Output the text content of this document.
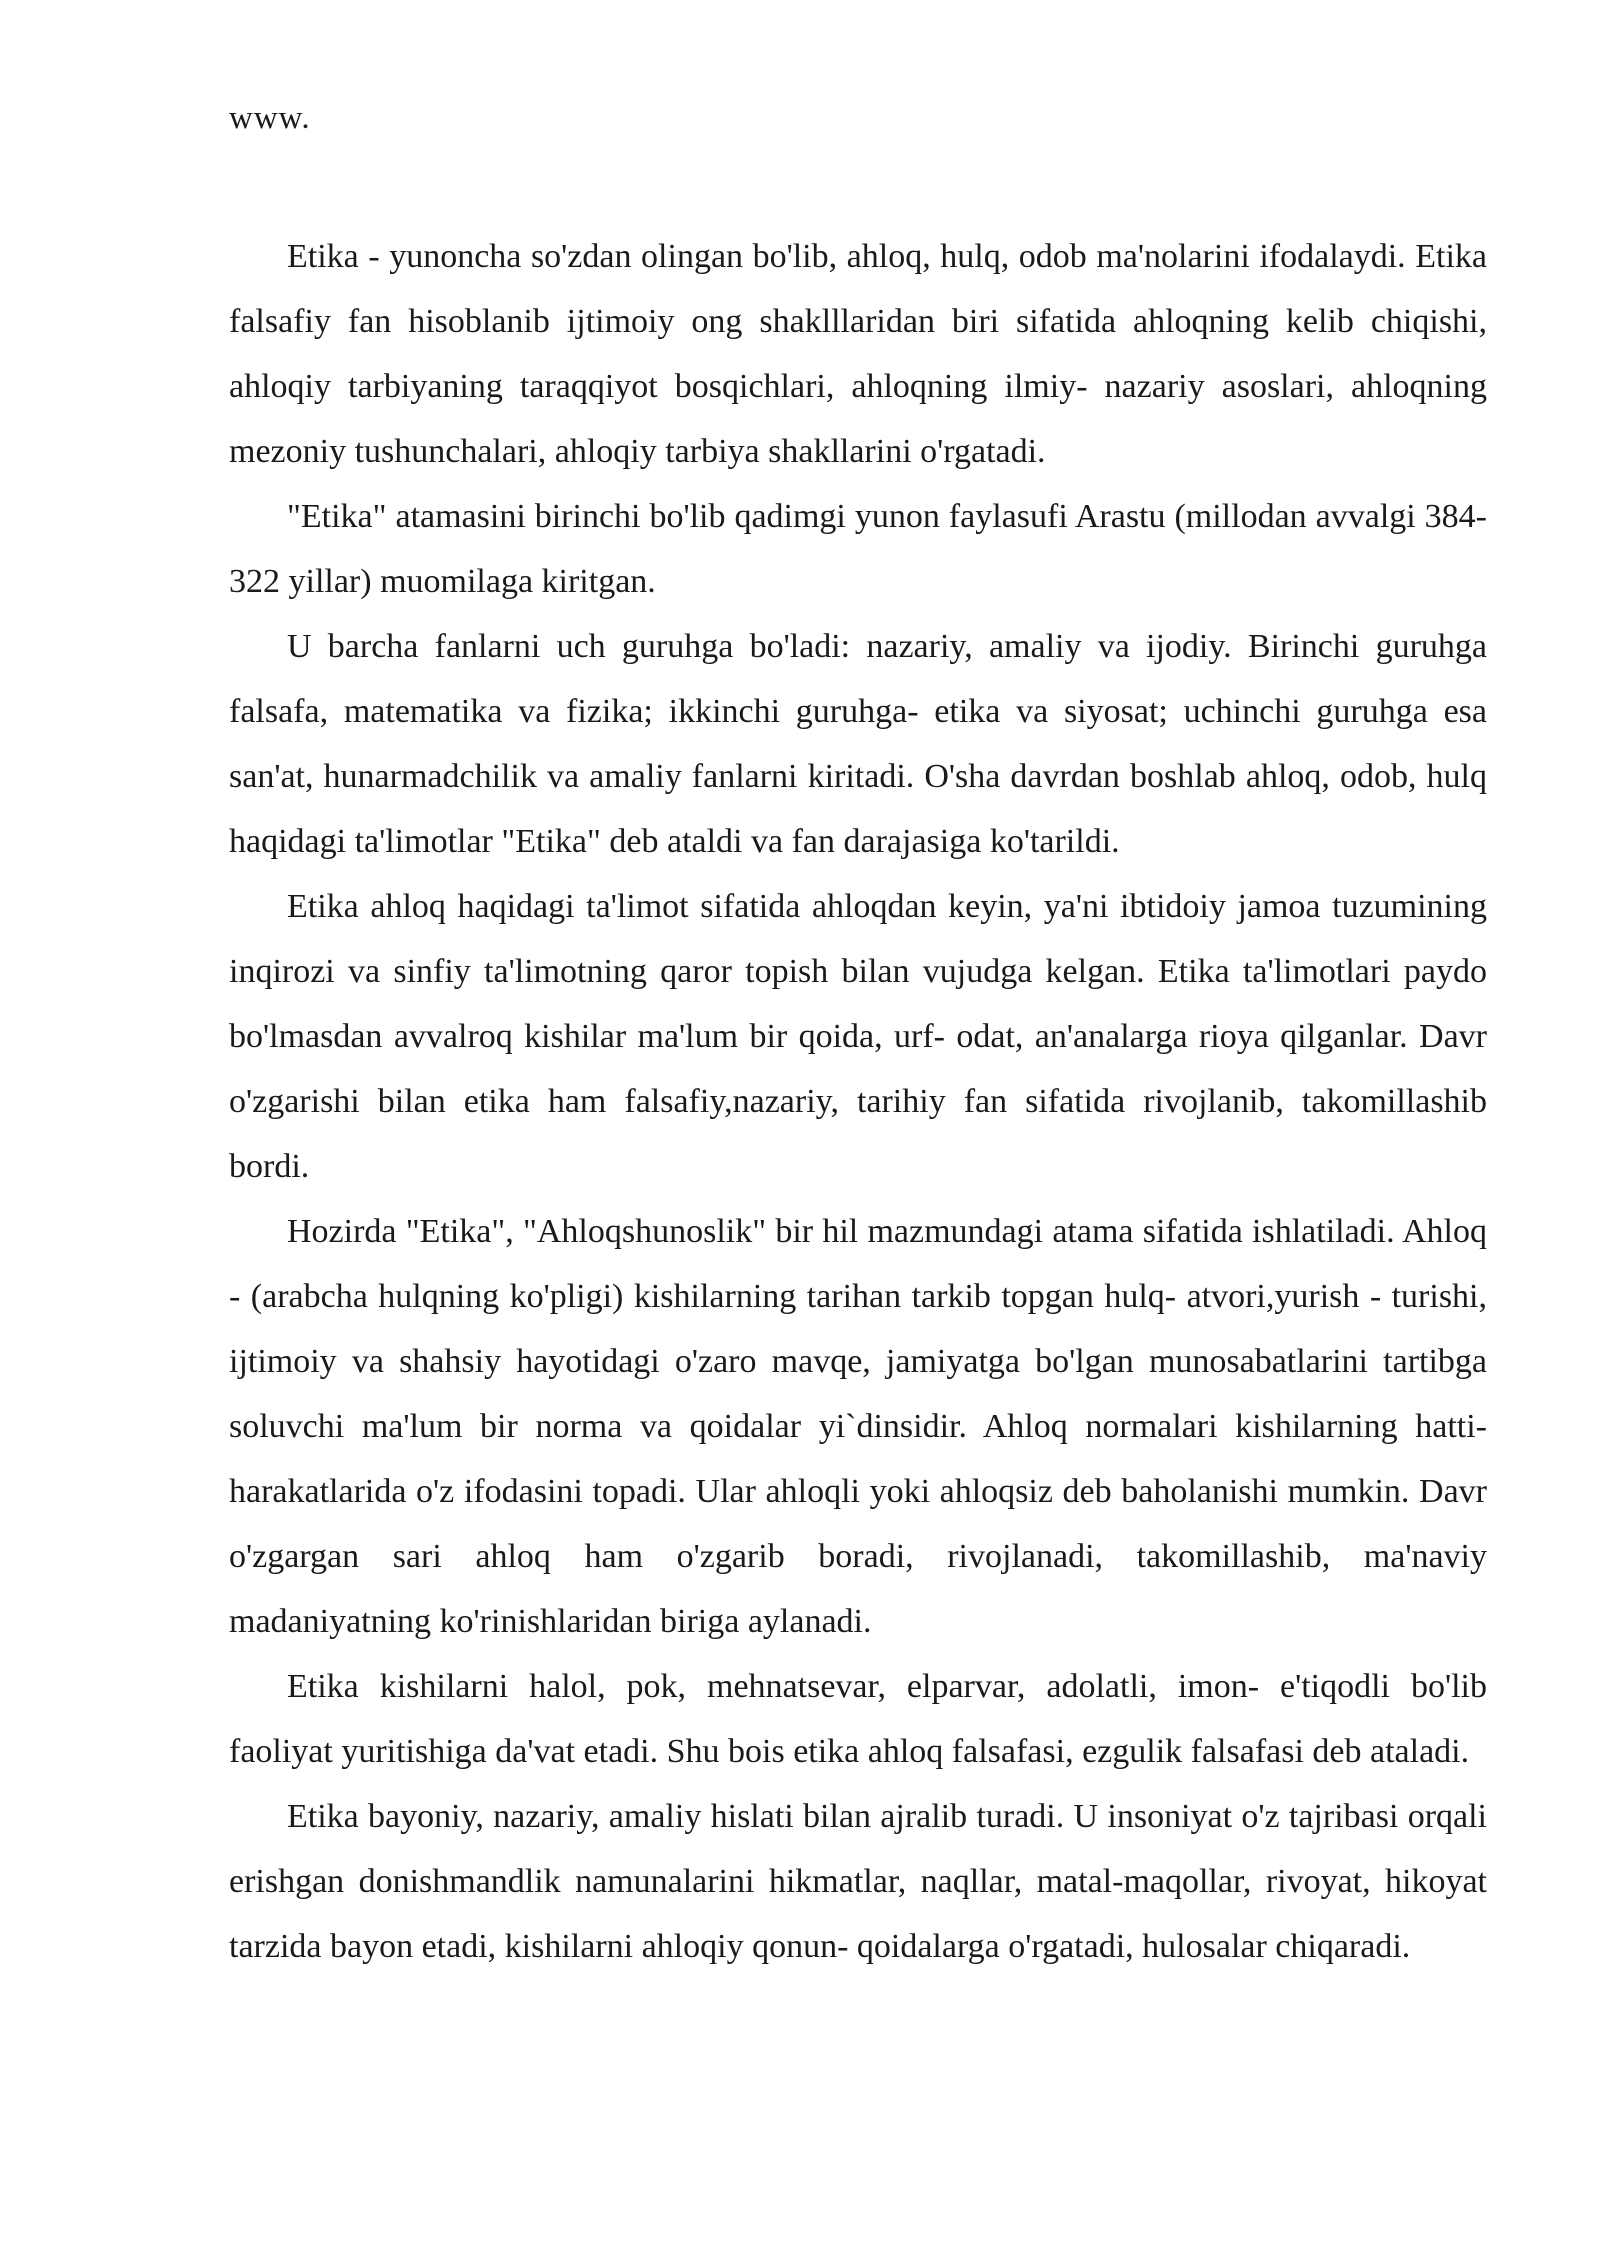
www.

Etika - yunoncha so'zdan olingan bo'lib, ahloq, hulq, odob ma'nolarini ifodalaydi. Etika falsafiy fan hisoblanib ijtimoiy ong shaklllaridan biri sifatida ahloqning kelib chiqishi, ahloqiy tarbiyaning taraqqiyot bosqichlari, ahloqning ilmiy- nazariy asoslari, ahloqning mezoniy tushunchalari, ahloqiy tarbiya shakllarini o'rgatadi.

"Etika" atamasini birinchi bo'lib qadimgi yunon faylasufi Arastu (millodan avvalgi 384-322 yillar) muomilaga kiritgan.

U barcha fanlarni uch guruhga bo'ladi: nazariy, amaliy va ijodiy. Birinchi guruhga falsafa, matematika va fizika; ikkinchi guruhga- etika va siyosat; uchinchi guruhga esa san'at, hunarmadchilik va amaliy fanlarni kiritadi. O'sha davrdan boshlab ahloq, odob, hulq haqidagi ta'limotlar "Etika" deb ataldi va fan darajasiga ko'tarildi.

Etika ahloq haqidagi ta'limot sifatida ahloqdan keyin, ya'ni ibtidoiy jamoa tuzumining inqirozi va sinfiy ta'limotning qaror topish bilan vujudga kelgan. Etika ta'limotlari paydo bo'lmasdan avvalroq kishilar ma'lum bir qoida, urf- odat, an'analarga rioya qilganlar. Davr o'zgarishi bilan etika ham falsafiy,nazariy, tarihiy fan sifatida rivojlanib, takomillashib bordi.

Hozirda "Etika", "Ahloqshunoslik" bir hil mazmundagi atama sifatida ishlatiladi. Ahloq - (arabcha hulqning ko'pligi) kishilarning tarihan tarkib topgan hulq- atvori,yurish - turishi, ijtimoiy va shahsiy hayotidagi o'zaro mavqe, jamiyatga bo'lgan munosabatlarini tartibga soluvchi ma'lum bir norma va qoidalar yi`dinsidir. Ahloq normalari kishilarning hatti- harakatlarida o'z ifodasini topadi. Ular ahloqli yoki ahloqsiz deb baholanishi mumkin. Davr o'zgargan sari ahloq ham o'zgarib boradi, rivojlanadi, takomillashib, ma'naviy madaniyatning ko'rinishlaridan biriga aylanadi.

Etika kishilarni halol, pok, mehnatsevar, elparvar, adolatli, imon- e'tiqodli bo'lib faoliyat yuritishiga da'vat etadi. Shu bois etika ahloq falsafasi, ezgulik falsafasi deb ataladi.

Etika bayoniy, nazariy, amaliy hislati bilan ajralib turadi. U insoniyat o'z tajribasi orqali erishgan donishmandlik namunalarini hikmatlar, naqllar, matal-maqollar, rivoyat, hikoyat tarzida bayon etadi, kishilarni ahloqiy qonun- qoidalarga o'rgatadi, hulosalar chiqaradi.
